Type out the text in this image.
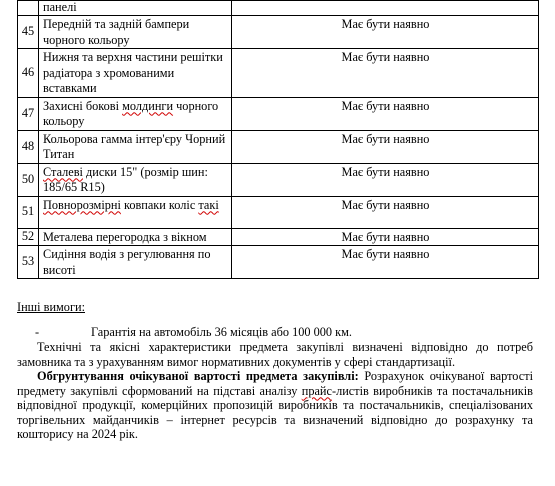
	панелі	
45	Передній та задній бампери чорного кольору	Має бути наявно
46	Нижня та верхня частини решітки радіатора з хромованими вставками	Має бути наявно
47	Захисні бокові молдинги чорного кольору	Має бути наявно
48	Кольорова гамма інтер'єру Чорний Титан	Має бути наявно
50	Сталеві диски 15" (розмір шин: 185/65 R15)	Має бути наявно
51	Повнорозмірні ковпаки коліс такі	Має бути наявно
52	Металева перегородка з вікном	Має бути наявно
53	Сидіння водія з регулювання по висоті	Має бути наявно
Інші вимоги:
-	Гарантія на автомобіль 36 місяців або 100 000 км.
Технічні та якісні характеристики предмета закупівлі визначені відповідно до потреб замовника та з урахуванням вимог нормативних документів у сфері стандартизації.
Обгрунтування очікуваної вартості предмета закупівлі: Розрахунок очікуваної вартості предмету закупівлі сформований на підставі аналізу прайс-листів виробників та постачальників відповідної продукції, комерційних пропозицій виробників та постачальників, спеціалізованих торгівельних майданчиків – інтернет ресурсів та визначений відповідно до розрахунку та кошторису на 2024 рік.
